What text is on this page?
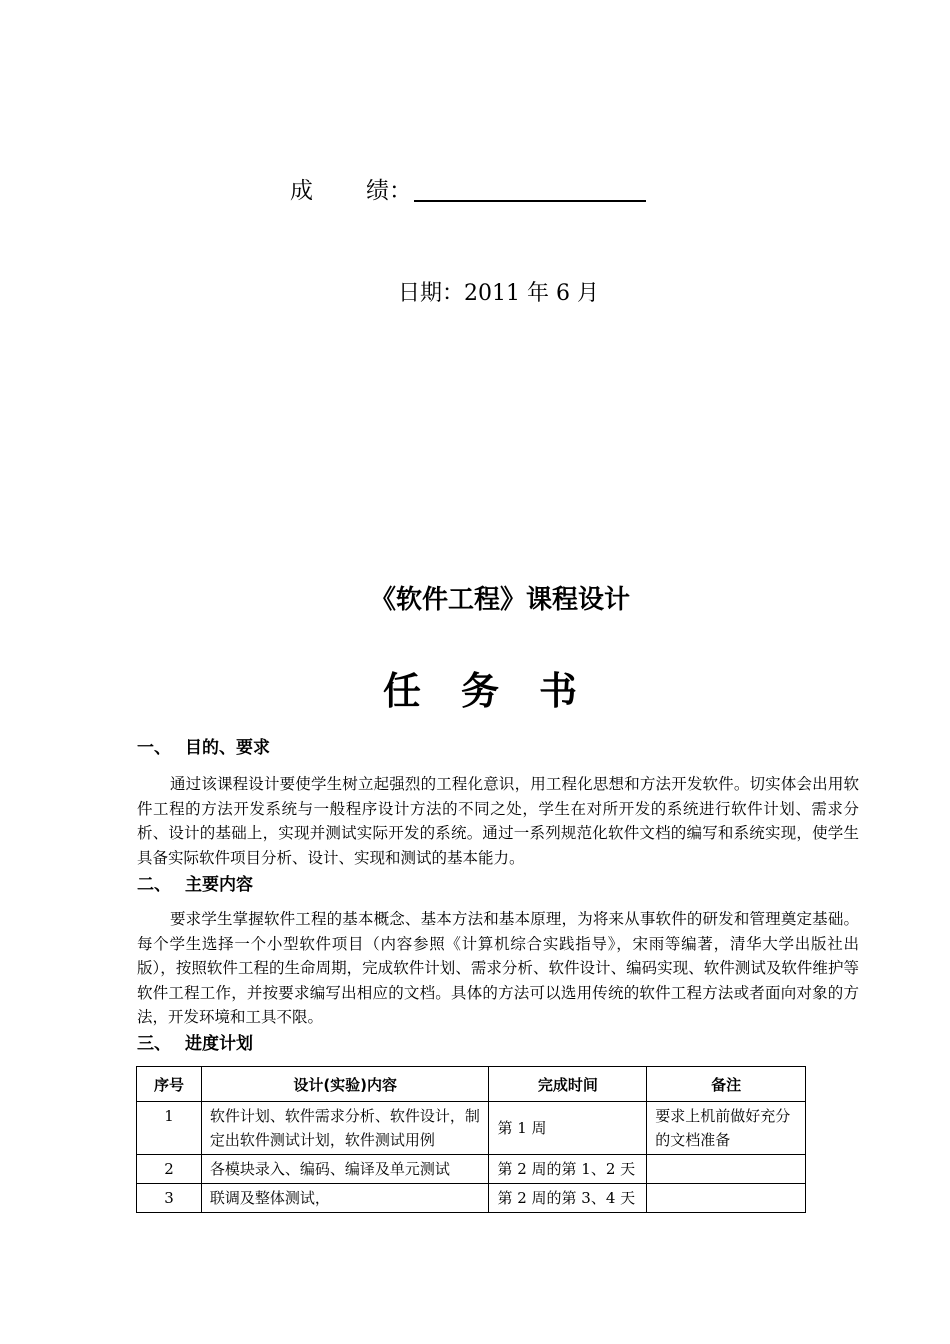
成 绩：
日期：2011 年 6 月
《软件工程》课程设计
任务书
一、 目的、要求
通过该课程设计要使学生树立起强烈的工程化意识，用工程化思想和方法开发软件。切实体会出用软件工程的方法开发系统与一般程序设计方法的不同之处，学生在对所开发的系统进行软件计划、需求分析、设计的基础上，实现并测试实际开发的系统。通过一系列规范化软件文档的编写和系统实现，使学生具备实际软件项目分析、设计、实现和测试的基本能力。
二、 主要内容
要求学生掌握软件工程的基本概念、基本方法和基本原理，为将来从事软件的研发和管理奠定基础。每个学生选择一个小型软件项目（内容参照《计算机综合实践指导》，宋雨等编著，清华大学出版社出版），按照软件工程的生命周期，完成软件计划、需求分析、软件设计、编码实现、软件测试及软件维护等软件工程工作，并按要求编写出相应的文档。具体的方法可以选用传统的软件工程方法或者面向对象的方法，开发环境和工具不限。
三、 进度计划
序号	设计(实验)内容	完成时间	备注
1	软件计划、软件需求分析、软件设计，制定出软件测试计划，软件测试用例	第 1 周	要求上机前做好充分的文档准备
2	各模块录入、编码、编译及单元测试	第 2 周的第 1、2 天	
3	联调及整体测试，	第 2 周的第 3、4 天	
